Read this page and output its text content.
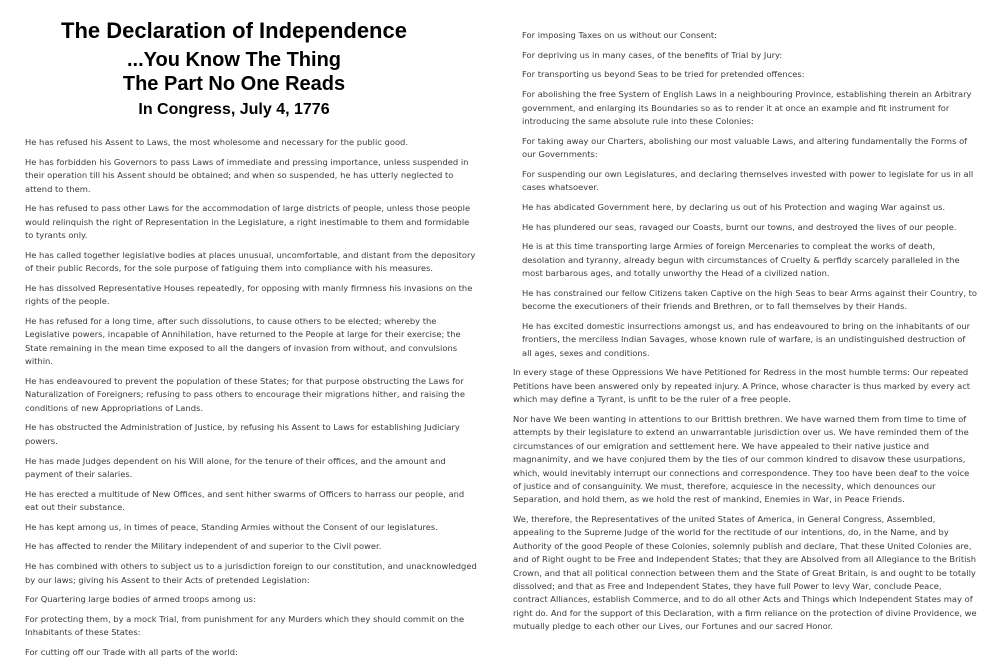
The Declaration of Independence
...You Know The Thing
The Part No One Reads
In Congress, July 4, 1776

He has refused his Assent to Laws, the most wholesome and necessary for the public good.

He has forbidden his Governors to pass Laws of immediate and pressing importance, unless suspended in their operation till his Assent should be obtained; and when so suspended, he has utterly neglected to attend to them.

He has refused to pass other Laws for the accommodation of large districts of people, unless those people would relinquish the right of Representation in the Legislature, a right inestimable to them and formidable to tyrants only.

He has called together legislative bodies at places unusual, uncomfortable, and distant from the depository of their public Records, for the sole purpose of fatiguing them into compliance with his measures.

He has dissolved Representative Houses repeatedly, for opposing with manly firmness his invasions on the rights of the people.

He has refused for a long time, after such dissolutions, to cause others to be elected; whereby the Legislative powers, incapable of Annihilation, have returned to the People at large for their exercise; the State remaining in the mean time exposed to all the dangers of invasion from without, and convulsions within.

He has endeavoured to prevent the population of these States; for that purpose obstructing the Laws for Naturalization of Foreigners; refusing to pass others to encourage their migrations hither, and raising the conditions of new Appropriations of Lands.

He has obstructed the Administration of Justice, by refusing his Assent to Laws for establishing Judiciary powers.

He has made Judges dependent on his Will alone, for the tenure of their offices, and the amount and payment of their salaries.

He has erected a multitude of New Offices, and sent hither swarms of Officers to harrass our people, and eat out their substance.

He has kept among us, in times of peace, Standing Armies without the Consent of our legislatures.

He has affected to render the Military independent of and superior to the Civil power.

He has combined with others to subject us to a jurisdiction foreign to our constitution, and unacknowledged by our laws; giving his Assent to their Acts of pretended Legislation:

For Quartering large bodies of armed troops among us:

For protecting them, by a mock Trial, from punishment for any Murders which they should commit on the Inhabitants of these States:

For cutting off our Trade with all parts of the world:

For imposing Taxes on us without our Consent:

For depriving us in many cases, of the benefits of Trial by Jury:

For transporting us beyond Seas to be tried for pretended offences:

For abolishing the free System of English Laws in a neighbouring Province, establishing therein an Arbitrary government, and enlarging its Boundaries so as to render it at once an example and fit instrument for introducing the same absolute rule into these Colonies:

For taking away our Charters, abolishing our most valuable Laws, and altering fundamentally the Forms of our Governments:

For suspending our own Legislatures, and declaring themselves invested with power to legislate for us in all cases whatsoever.

He has abdicated Government here, by declaring us out of his Protection and waging War against us.

He has plundered our seas, ravaged our Coasts, burnt our towns, and destroyed the lives of our people.

He is at this time transporting large Armies of foreign Mercenaries to compleat the works of death, desolation and tyranny, already begun with circumstances of Cruelty & perfidy scarcely paralleled in the most barbarous ages, and totally unworthy the Head of a civilized nation.

He has constrained our fellow Citizens taken Captive on the high Seas to bear Arms against their Country, to become the executioners of their friends and Brethren, or to fall themselves by their Hands.

He has excited domestic insurrections amongst us, and has endeavoured to bring on the inhabitants of our frontiers, the merciless Indian Savages, whose known rule of warfare, is an undistinguished destruction of all ages, sexes and conditions.

In every stage of these Oppressions We have Petitioned for Redress in the most humble terms: Our repeated Petitions have been answered only by repeated injury. A Prince, whose character is thus marked by every act which may define a Tyrant, is unfit to be the ruler of a free people.

Nor have We been wanting in attentions to our Brittish brethren. We have warned them from time to time of attempts by their legislature to extend an unwarrantable jurisdiction over us. We have reminded them of the circumstances of our emigration and settlement here. We have appealed to their native justice and magnanimity, and we have conjured them by the ties of our common kindred to disavow these usurpations, which, would inevitably interrupt our connections and correspondence. They too have been deaf to the voice of justice and of consanguinity. We must, therefore, acquiesce in the necessity, which denounces our Separation, and hold them, as we hold the rest of mankind, Enemies in War, in Peace Friends.

We, therefore, the Representatives of the united States of America, in General Congress, Assembled, appealing to the Supreme Judge of the world for the rectitude of our intentions, do, in the Name, and by Authority of the good People of these Colonies, solemnly publish and declare, That these United Colonies are, and of Right ought to be Free and Independent States; that they are Absolved from all Allegiance to the British Crown, and that all political connection between them and the State of Great Britain, is and ought to be totally dissolved; and that as Free and Independent States, they have full Power to levy War, conclude Peace, contract Alliances, establish Commerce, and to do all other Acts and Things which Independent States may of right do. And for the support of this Declaration, with a firm reliance on the protection of divine Providence, we mutually pledge to each other our Lives, our Fortunes and our sacred Honor.
